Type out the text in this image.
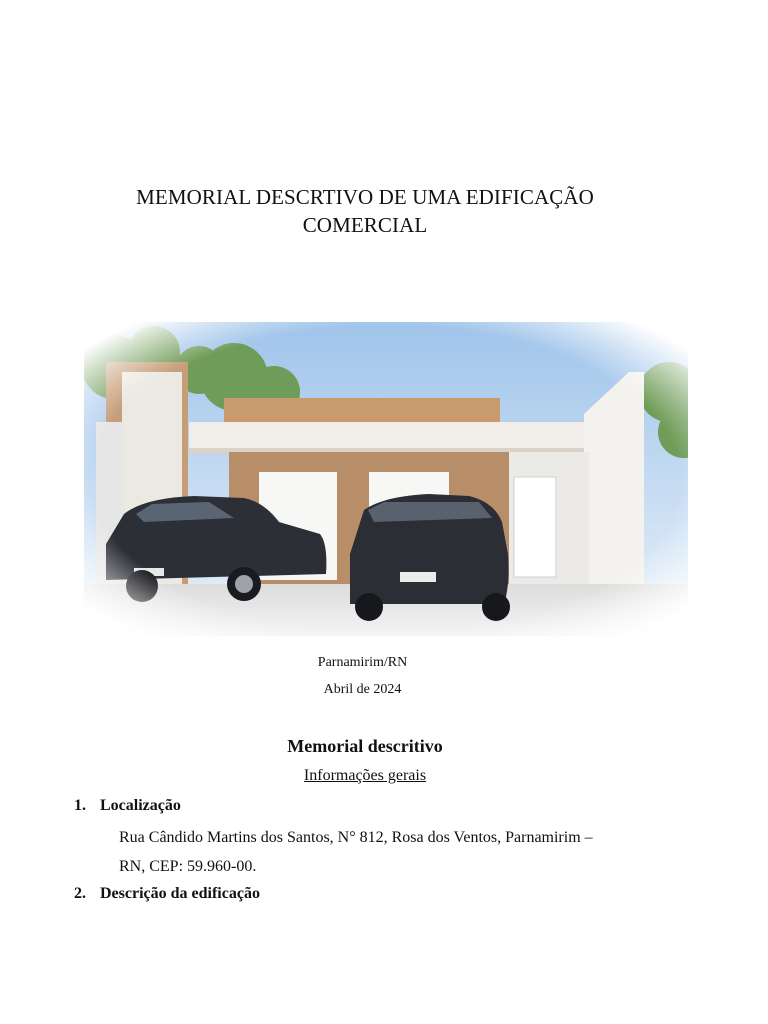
MEMORIAL DESCRTIVO DE UMA EDIFICAÇÃO
COMERCIAL
Parnamirim/RN
Abril de 2024
Memorial descritivo
Informações gerais
1. Localização
Rua Cândido Martins dos Santos, N° 812, Rosa dos Ventos, Parnamirim –
RN, CEP: 59.960-00.
2. Descrição da edificação
